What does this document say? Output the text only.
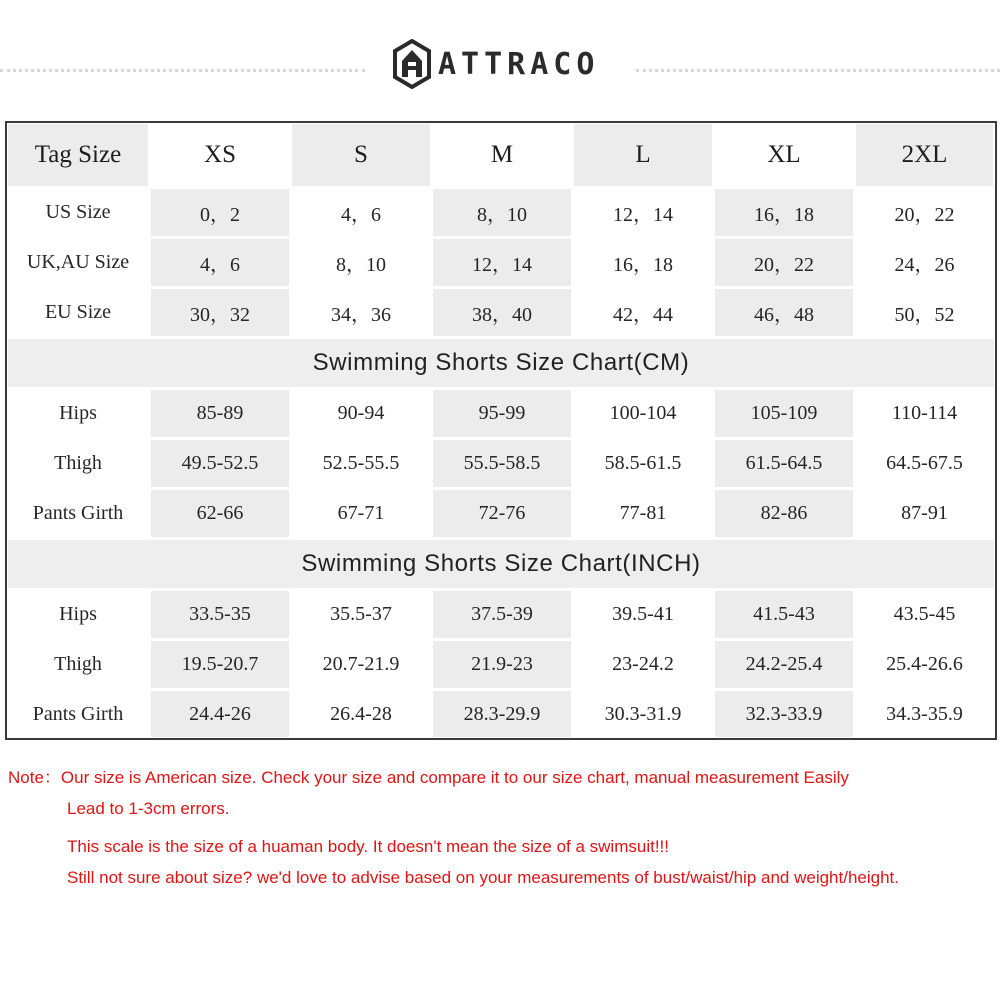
ATTRACO
Tag Size	XS	S	M	L	XL	2XL
US Size	0，2	4，6	8，10	12，14	16，18	20，22
UK,AU Size	4，6	8，10	12，14	16，18	20，22	24，26
EU Size	30，32	34，36	38，40	42，44	46，48	50，52
Swimming Shorts Size Chart(CM)
Hips	85-89	90-94	95-99	100-104	105-109	110-114
Thigh	49.5-52.5	52.5-55.5	55.5-58.5	58.5-61.5	61.5-64.5	64.5-67.5
Pants Girth	62-66	67-71	72-76	77-81	82-86	87-91
Swimming Shorts Size Chart(INCH)
Hips	33.5-35	35.5-37	37.5-39	39.5-41	41.5-43	43.5-45
Thigh	19.5-20.7	20.7-21.9	21.9-23	23-24.2	24.2-25.4	25.4-26.6
Pants Girth	24.4-26	26.4-28	28.3-29.9	30.3-31.9	32.3-33.9	34.3-35.9
Note：Our size is American size. Check your size and compare it to our size chart, manual measurement Easily
Lead to 1-3cm errors.
This scale is the size of a huaman body. It doesn't mean the size of a swimsuit!!!
Still not sure about size? we'd love to advise based on your measurements of bust/waist/hip and weight/height.
